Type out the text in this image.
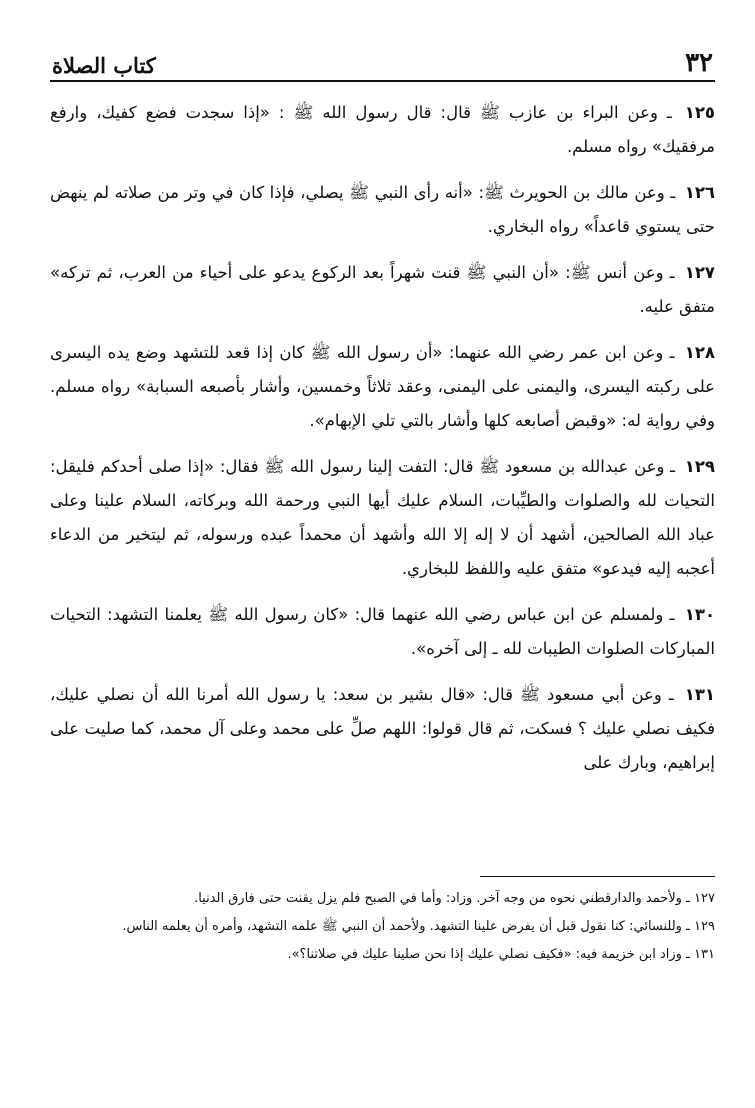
٣٢
كتاب الصلاة

١٢٥ ـ وعن البراء بن عازب ﷺ قال: قال رسول الله ﷺ : «إذا سجدت فضع كفيك، وارفع مرفقيك» رواه مسلم.

١٢٦ ـ وعن مالك بن الحويرث ﷺ: «أنه رأى النبي ﷺ يصلي، فإذا كان في وتر من صلاته لم ينهض حتى يستوي قاعداً» رواه البخاري.

١٢٧ ـ وعن أنس ﷺ: «أن النبي ﷺ قنت شهراً بعد الركوع يدعو على أحياء من العرب، ثم تركه» متفق عليه.

١٢٨ ـ وعن ابن عمر رضي الله عنهما: «أن رسول الله ﷺ كان إذا قعد للتشهد وضع يده اليسرى على ركبته اليسرى، واليمنى على اليمنى، وعقد ثلاثاً وخمسين، وأشار بأصبعه السبابة» رواه مسلم. وفي رواية له: «وقبض أصابعه كلها وأشار بالتي تلي الإبهام».

١٢٩ ـ وعن عبدالله بن مسعود ﷺ قال: التفت إلينا رسول الله ﷺ فقال: «إذا صلى أحدكم فليقل: التحيات لله والصلوات والطيِّبات، السلام عليك أيها النبي ورحمة الله وبركاته، السلام علينا وعلى عباد الله الصالحين، أشهد أن لا إله إلا الله وأشهد أن محمداً عبده ورسوله، ثم ليتخير من الدعاء أعجبه إليه فيدعو» متفق عليه واللفظ للبخاري.

١٣٠ ـ ولمسلم عن ابن عباس رضي الله عنهما قال: «كان رسول الله ﷺ يعلمنا التشهد: التحيات المباركات الصلوات الطيبات لله ـ إلى آخره».

١٣١ ـ وعن أبي مسعود ﷺ قال: «قال بشير بن سعد: يا رسول الله أمرنا الله أن نصلي عليك، فكيف نصلي عليك ؟ فسكت، ثم قال قولوا: اللهم صلِّ على محمد وعلى آل محمد، كما صليت على إبراهيم، وبارك على

١٢٧ ـ ولأحمد والدارقطني نحوه من وجه آخر. وزاد: وأما في الصبح فلم يزل يقنت حتى فارق الدنيا.

١٢٩ ـ وللنسائي: كنا نقول قبل أن يفرض علينا التشهد. ولأحمد أن النبي ﷺ علمه التشهد، وأمره أن يعلمه الناس.

١٣١ ـ وزاد ابن خزيمة فيه: «فكيف نصلي عليك إذا نحن صلينا عليك في صلاتنا؟».
